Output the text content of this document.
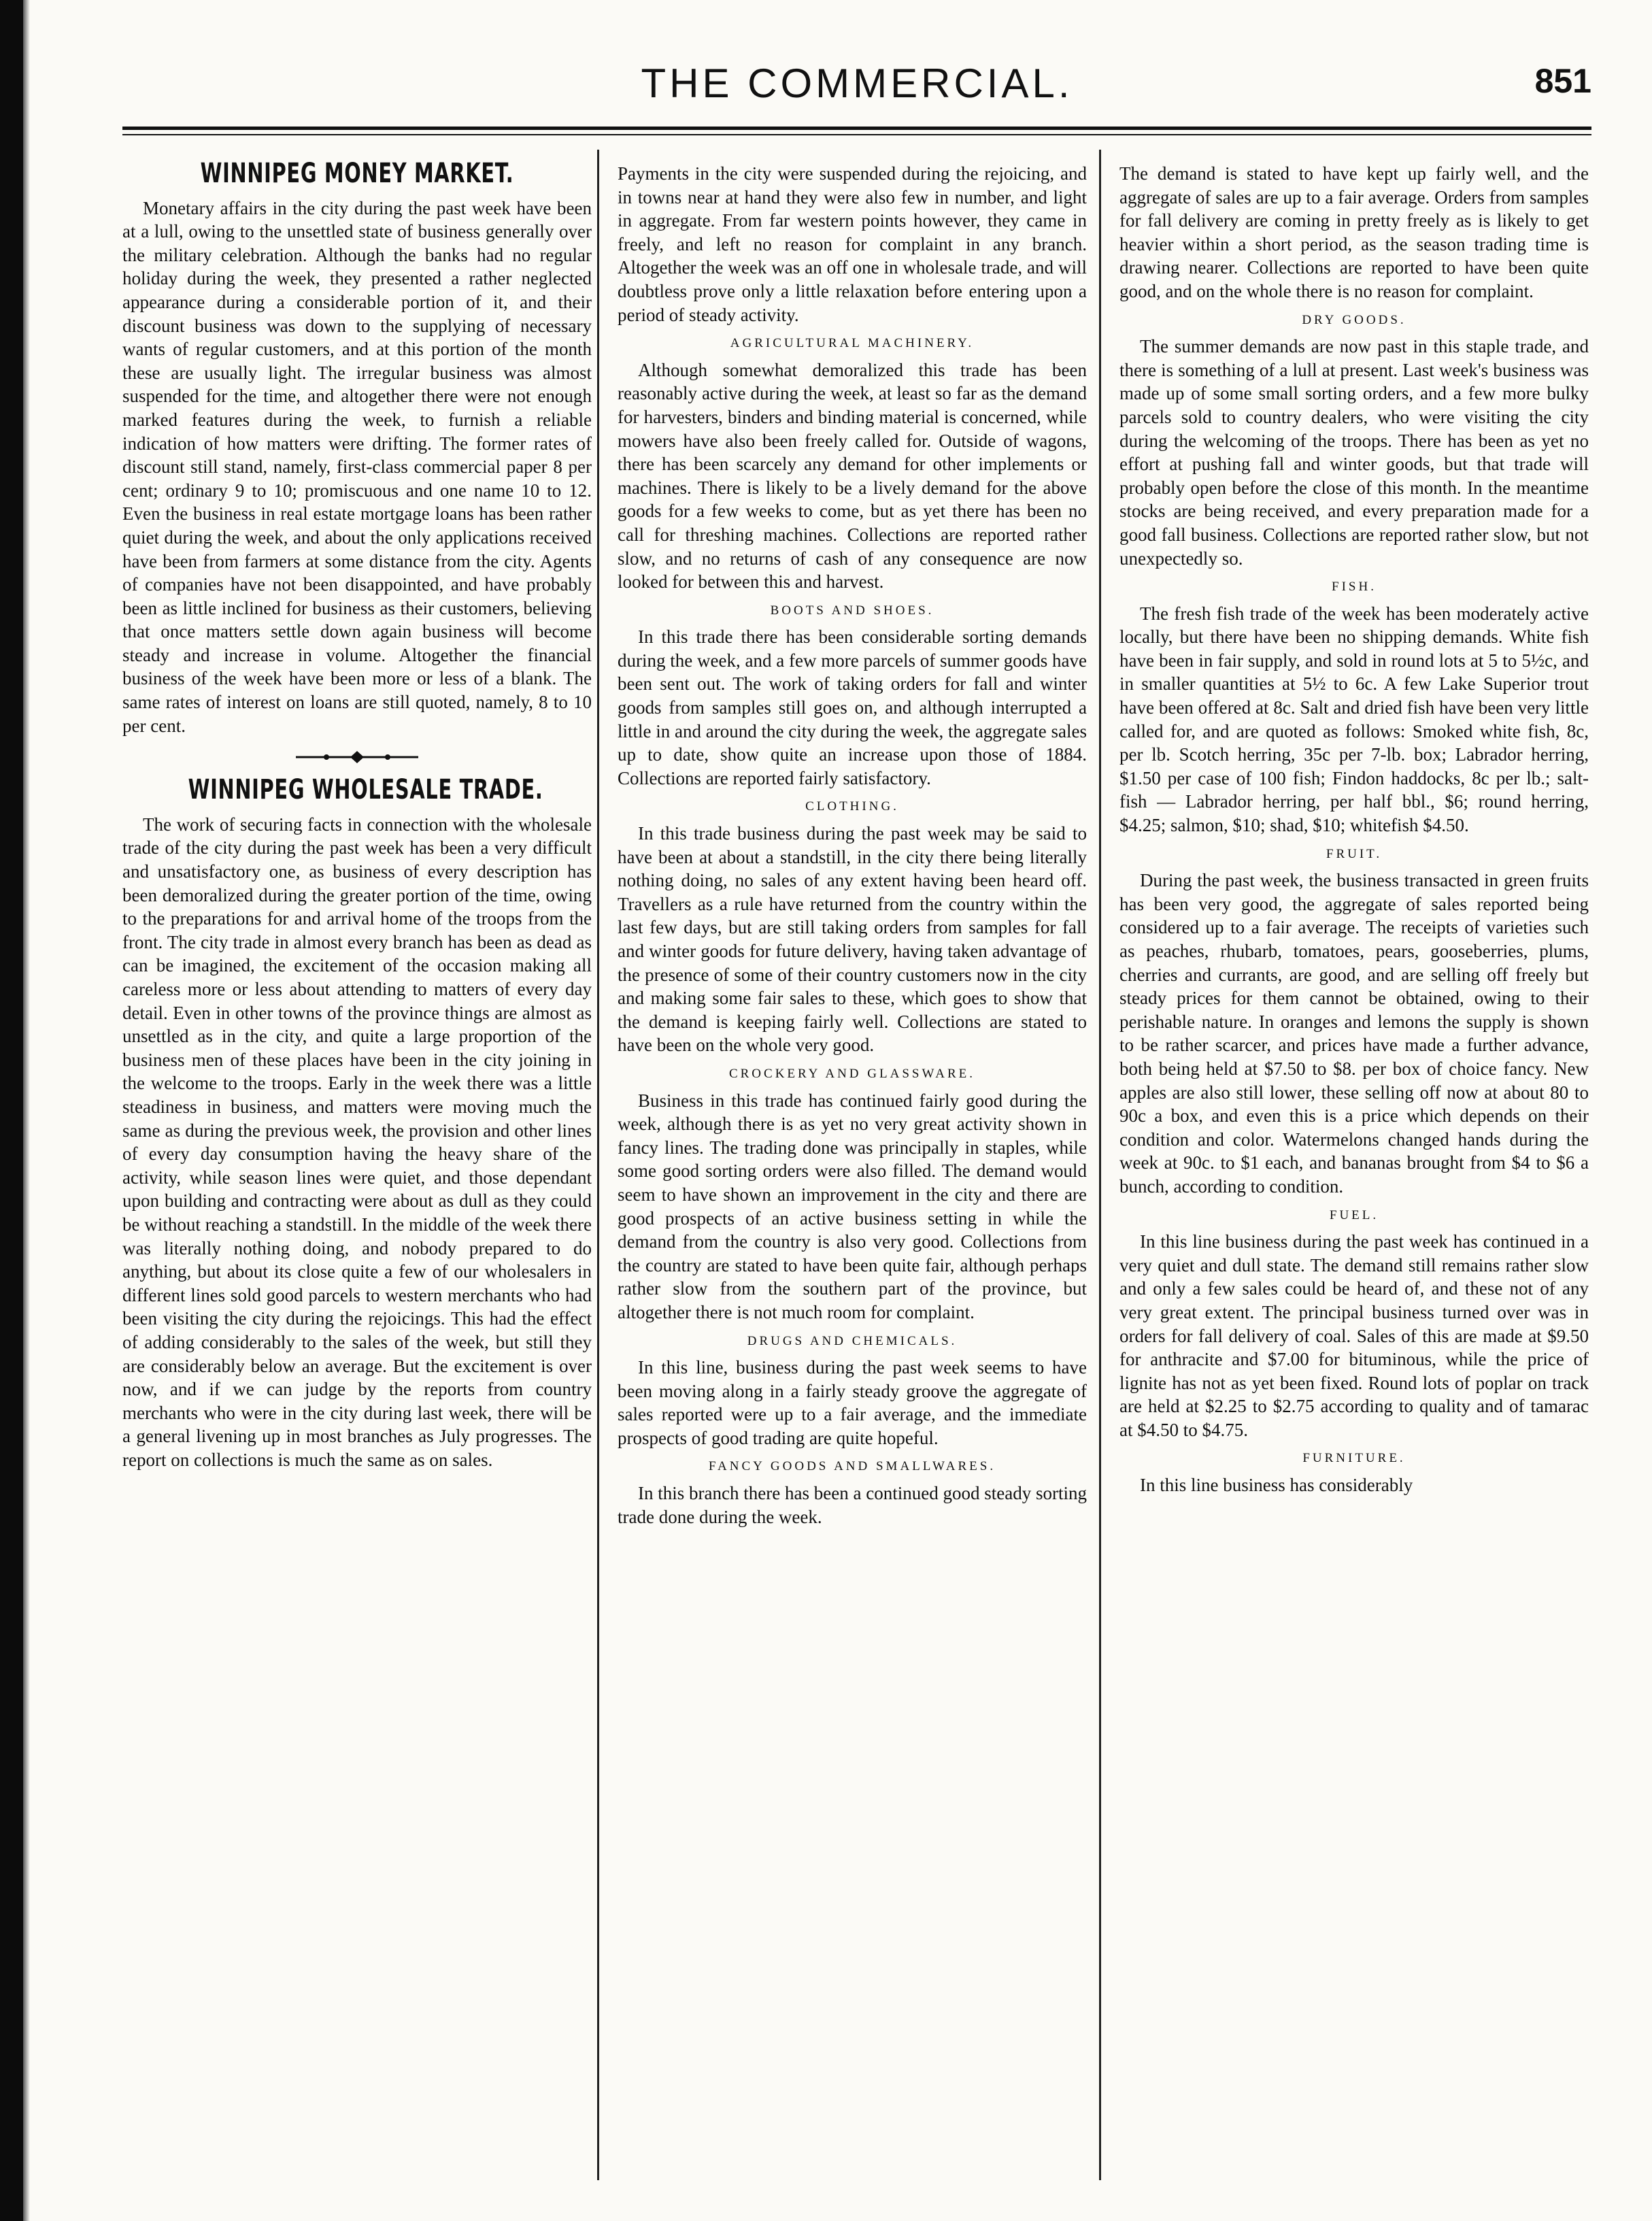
THE COMMERCIAL.	851
WINNIPEG MONEY MARKET.

Monetary affairs in the city during the past week have been at a lull, owing to the unsettled state of business generally over the military celebration. Although the banks had no regular holiday during the week, they presented a rather neglected appearance during a considerable portion of it, and their discount business was down to the supplying of necessary wants of regular customers, and at this portion of the month these are usually light. The irregular business was almost suspended for the time, and altogether there were not enough marked features during the week, to furnish a reliable indication of how matters were drifting. The former rates of discount still stand, namely, first-class commercial paper 8 per cent; ordinary 9 to 10; promiscuous and one name 10 to 12. Even the business in real estate mortgage loans has been rather quiet during the week, and about the only applications received have been from farmers at some distance from the city. Agents of companies have not been disappointed, and have probably been as little inclined for business as their customers, believing that once matters settle down again business will become steady and increase in volume. Altogether the financial business of the week have been more or less of a blank. The same rates of interest on loans are still quoted, namely, 8 to 10 per cent.

WINNIPEG WHOLESALE TRADE.

The work of securing facts in connection with the wholesale trade of the city during the past week has been a very difficult and unsatisfactory one, as business of every description has been demoralized during the greater portion of the time, owing to the preparations for and arrival home of the troops from the front. The city trade in almost every branch has been as dead as can be imagined, the excitement of the occasion making all careless more or less about attending to matters of every day detail. Even in other towns of the province things are almost as unsettled as in the city, and quite a large proportion of the business men of these places have been in the city joining in the welcome to the troops. Early in the week there was a little steadiness in business, and matters were moving much the same as during the previous week, the provision and other lines of every day consumption having the heavy share of the activity, while season lines were quiet, and those dependant upon building and contracting were about as dull as they could be without reaching a standstill. In the middle of the week there was literally nothing doing, and nobody prepared to do anything, but about its close quite a few of our wholesalers in different lines sold good parcels to western merchants who had been visiting the city during the rejoicings. This had the effect of adding considerably to the sales of the week, but still they are considerably below an average. But the excitement is over now, and if we can judge by the reports from country merchants who were in the city during last week, there will be a general livening up in most branches as July progresses. The report on collections is much the same as on sales.

Payments in the city were suspended during the rejoicing, and in towns near at hand they were also few in number, and light in aggregate. From far western points however, they came in freely, and left no reason for complaint in any branch. Altogether the week was an off one in wholesale trade, and will doubtless prove only a little relaxation before entering upon a period of steady activity.

AGRICULTURAL MACHINERY.

Although somewhat demoralized this trade has been reasonably active during the week, at least so far as the demand for harvesters, binders and binding material is concerned, while mowers have also been freely called for. Outside of wagons, there has been scarcely any demand for other implements or machines. There is likely to be a lively demand for the above goods for a few weeks to come, but as yet there has been no call for threshing machines. Collections are reported rather slow, and no returns of cash of any consequence are now looked for between this and harvest.

BOOTS AND SHOES.

In this trade there has been considerable sorting demands during the week, and a few more parcels of summer goods have been sent out. The work of taking orders for fall and winter goods from samples still goes on, and although interrupted a little in and around the city during the week, the aggregate sales up to date, show quite an increase upon those of 1884. Collections are reported fairly satisfactory.

CLOTHING.

In this trade business during the past week may be said to have been at about a standstill, in the city there being literally nothing doing, no sales of any extent having been heard off. Travellers as a rule have returned from the country within the last few days, but are still taking orders from samples for fall and winter goods for future delivery, having taken advantage of the presence of some of their country customers now in the city and making some fair sales to these, which goes to show that the demand is keeping fairly well. Collections are stated to have been on the whole very good.

CROCKERY AND GLASSWARE.

Business in this trade has continued fairly good during the week, although there is as yet no very great activity shown in fancy lines. The trading done was principally in staples, while some good sorting orders were also filled. The demand would seem to have shown an improvement in the city and there are good prospects of an active business setting in while the demand from the country is also very good. Collections from the country are stated to have been quite fair, although perhaps rather slow from the southern part of the province, but altogether there is not much room for complaint.

DRUGS AND CHEMICALS.

In this line, business during the past week seems to have been moving along in a fairly steady groove the aggregate of sales reported were up to a fair average, and the immediate prospects of good trading are quite hopeful.

FANCY GOODS AND SMALLWARES.

In this branch there has been a continued good steady sorting trade done during the week.

The demand is stated to have kept up fairly well, and the aggregate of sales are up to a fair average. Orders from samples for fall delivery are coming in pretty freely as is likely to get heavier within a short period, as the season trading time is drawing nearer. Collections are reported to have been quite good, and on the whole there is no reason for complaint.

DRY GOODS.

The summer demands are now past in this staple trade, and there is something of a lull at present. Last week's business was made up of some small sorting orders, and a few more bulky parcels sold to country dealers, who were visiting the city during the welcoming of the troops. There has been as yet no effort at pushing fall and winter goods, but that trade will probably open before the close of this month. In the meantime stocks are being received, and every preparation made for a good fall business. Collections are reported rather slow, but not unexpectedly so.

FISH.

The fresh fish trade of the week has been moderately active locally, but there have been no shipping demands. White fish have been in fair supply, and sold in round lots at 5 to 5½c, and in smaller quantities at 5½ to 6c. A few Lake Superior trout have been offered at 8c. Salt and dried fish have been very little called for, and are quoted as follows: Smoked white fish, 8c, per lb. Scotch herring, 35c per 7-lb. box; Labrador herring, $1.50 per case of 100 fish; Findon haddocks, 8c per lb.; salt-fish — Labrador herring, per half bbl., $6; round herring, $4.25; salmon, $10; shad, $10; whitefish $4.50.

FRUIT.

During the past week, the business transacted in green fruits has been very good, the aggregate of sales reported being considered up to a fair average. The receipts of varieties such as peaches, rhubarb, tomatoes, pears, gooseberries, plums, cherries and currants, are good, and are selling off freely but steady prices for them cannot be obtained, owing to their perishable nature. In oranges and lemons the supply is shown to be rather scarcer, and prices have made a further advance, both being held at $7.50 to $8. per box of choice fancy. New apples are also still lower, these selling off now at about 80 to 90c a box, and even this is a price which depends on their condition and color. Watermelons changed hands during the week at 90c. to $1 each, and bananas brought from $4 to $6 a bunch, according to condition.

FUEL.

In this line business during the past week has continued in a very quiet and dull state. The demand still remains rather slow and only a few sales could be heard of, and these not of any very great extent. The principal business turned over was in orders for fall delivery of coal. Sales of this are made at $9.50 for anthracite and $7.00 for bituminous, while the price of lignite has not as yet been fixed. Round lots of poplar on track are held at $2.25 to $2.75 according to quality and of tamarac at $4.50 to $4.75.

FURNITURE.

In this line business has considerably
